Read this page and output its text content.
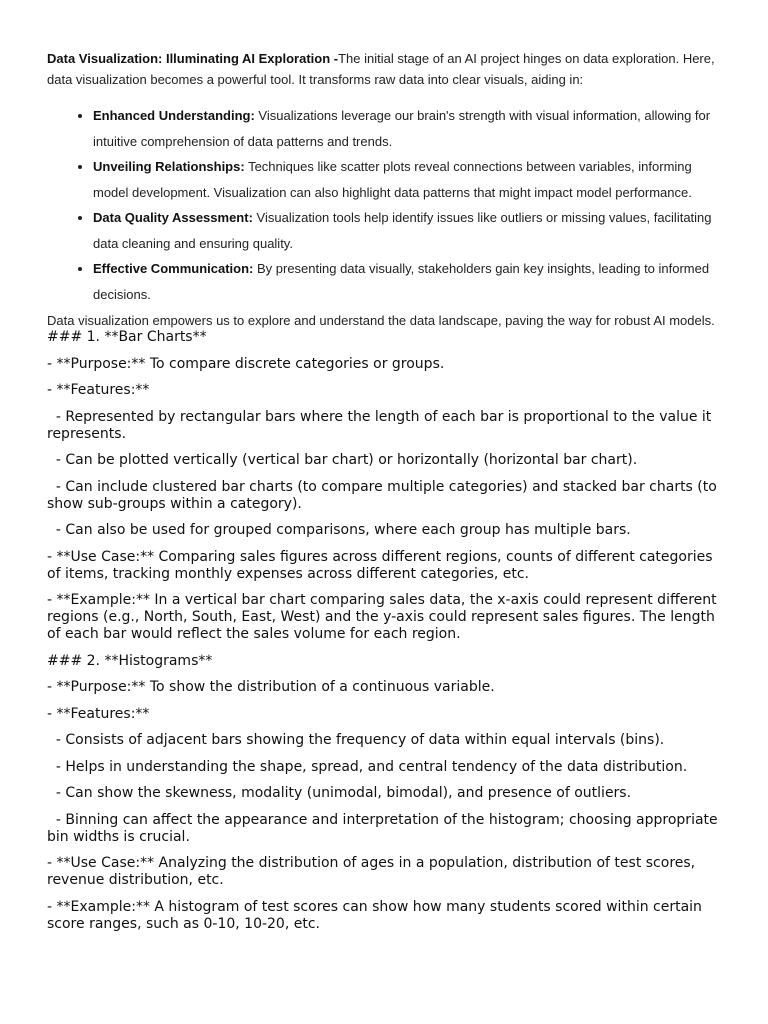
Data Visualization: Illuminating AI Exploration -The initial stage of an AI project hinges on data exploration. Here, data visualization becomes a powerful tool. It transforms raw data into clear visuals, aiding in:

• Enhanced Understanding: Visualizations leverage our brain's strength with visual information, allowing for intuitive comprehension of data patterns and trends.
• Unveiling Relationships: Techniques like scatter plots reveal connections between variables, informing model development. Visualization can also highlight data patterns that might impact model performance.
• Data Quality Assessment: Visualization tools help identify issues like outliers or missing values, facilitating data cleaning and ensuring quality.
• Effective Communication: By presenting data visually, stakeholders gain key insights, leading to informed decisions.

Data visualization empowers us to explore and understand the data landscape, paving the way for robust AI models.

### 1. **Bar Charts**

- **Purpose:** To compare discrete categories or groups.

- **Features:**

- Represented by rectangular bars where the length of each bar is proportional to the value it represents.

- Can be plotted vertically (vertical bar chart) or horizontally (horizontal bar chart).

- Can include clustered bar charts (to compare multiple categories) and stacked bar charts (to show sub-groups within a category).

- Can also be used for grouped comparisons, where each group has multiple bars.

- **Use Case:** Comparing sales figures across different regions, counts of different categories of items, tracking monthly expenses across different categories, etc.

- **Example:** In a vertical bar chart comparing sales data, the x-axis could represent different regions (e.g., North, South, East, West) and the y-axis could represent sales figures. The length of each bar would reflect the sales volume for each region.

### 2. **Histograms**

- **Purpose:** To show the distribution of a continuous variable.

- **Features:**

- Consists of adjacent bars showing the frequency of data within equal intervals (bins).

- Helps in understanding the shape, spread, and central tendency of the data distribution.

- Can show the skewness, modality (unimodal, bimodal), and presence of outliers.

- Binning can affect the appearance and interpretation of the histogram; choosing appropriate bin widths is crucial.

- **Use Case:** Analyzing the distribution of ages in a population, distribution of test scores, revenue distribution, etc.

- **Example:** A histogram of test scores can show how many students scored within certain score ranges, such as 0-10, 10-20, etc.
